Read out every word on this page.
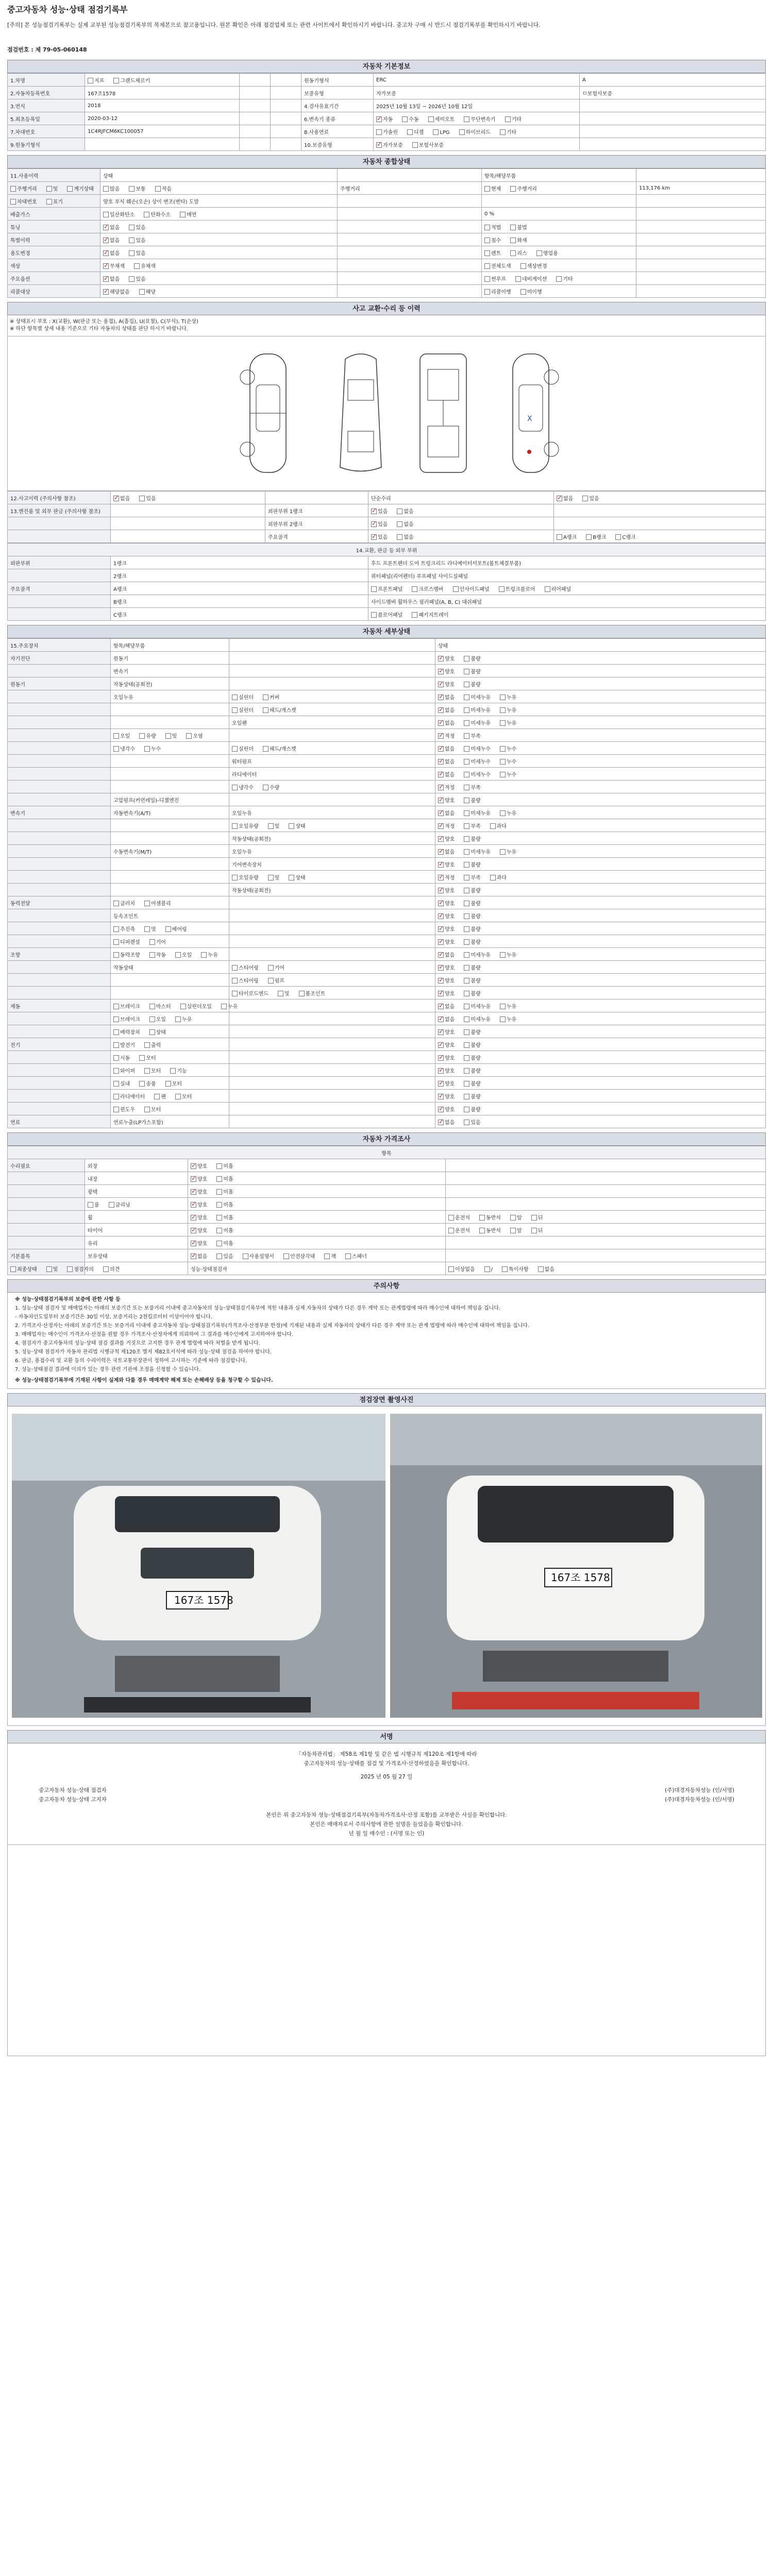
중고자동차 성능·상태 점검기록부
[주의] 본 성능점검기록부는 실제 교부된 성능점검기록부의 복제본으로 참고용입니다. 원본 확인은 아래 점검업체 또는 관련 사이트에서 확인하시기 바랍니다. 중고차 구매 시 반드시 점검기록부를 확인하시기 바랍니다.
점검번호 : 제 79-05-060148
자동차 기본정보
1.차명	지프 그랜드체로키			원동기형식	ERC	A
2.자동차등록번호	167조1578			보증유형	자가보증	ㅁ보험사보증
3.연식	2018			4.검사유효기간	2025년 10월 13일 ~ 2026년 10월 12일	
5.최초등록일	2020-03-12			6.변속기 종류	✓자동 수동 세미오토 무단변속기 기타	
7.차대번호	1C4RJFCM6KC100057			8.사용연료	가솔린 디젤 LPG 하이브리드 기타	
9.원동기형식				10.보증유형	✓자가보증 보험사보증	
자동차 종합상태
11.사용이력	상태		항목/해당부품	
주행거리 및 계기상태	많음 보통 적음	주행거리	현재 주행거리	113,176 km
차대번호 표기	양호 부식 훼손(오손) 상이 변조(변타) 도말			
배출가스	일산화탄소 탄화수소 매연		0 %	
튜닝	✓없음 있음		적법 불법	
특별이력	✓없음 있음		침수 화재	
용도변경	✓없음 있음		렌트 리스 영업용	
색상	✓무채색 유채색		전체도색 색상변경	
주요옵션	✓없음 있음		썬루프 네비게이션 기타	
리콜대상	✓해당없음 해당		리콜이행 미이행	
사고 교환·수리 등 이력
※ 상태표시 부호 : X(교환), W(판금 또는 용접), A(흠집), U(요철), C(부식), T(손상)
※ 하단 항목별 상세 내용 기준으로 기타 자동차의 상태를 판단 하시기 바랍니다.
X
12.사고이력 (주의사항 참조)	✓없음 있음		단순수리	✓없음 있음
13.엔진룸 및 외부 판금 (주의사항 참조)		외판부위 1랭크	✓있음 없음	
		외판부위 2랭크	✓있음 없음	
		주요골격	✓있음 없음	A랭크 B랭크 C랭크
14.교환, 판금 등 외부 부위		
외판부위	1랭크	후드 프론트펜더 도어 트렁크리드 라디에이터서포트(볼트체결부품)
	2랭크	쿼터패널(리어펜더) 루프패널 사이드실패널
주요골격	A랭크	프론트패널 크로스멤버 인사이드패널 트렁크플로어 리어패널
	B랭크	사이드멤버 휠하우스 필러패널(A, B, C) 대쉬패널
	C랭크	플로어패널 패키지트레이
자동차 세부상태
15.주요장치	항목/해당부품		상태
자기진단	원동기		✓양호 불량
	변속기		✓양호 불량
원동기	작동상태(공회전)		✓양호 불량
	오일누유	실린더 커버	✓없음 미세누유 누유
		실린더 헤드/개스켓	✓없음 미세누유 누유
		오일팬	✓없음 미세누유 누유
	오일 유량 및 오염		✓적정 부족
	냉각수 누수	실린더 헤드/개스켓	✓없음 미세누수 누수
		워터펌프	✓없음 미세누수 누수
		라디에이터	✓없음 미세누수 누수
		냉각수 수량	✓적정 부족
	고압펌프(커먼레일)-디젤엔진		✓양호 불량
변속기	자동변속기(A/T)	오일누유	✓없음 미세누유 누유
		오일유량 및 상태	✓적정 부족 과다
		작동상태(공회전)	✓양호 불량
	수동변속기(M/T)	오일누유	✓없음 미세누유 누유
		기어변속장치	✓양호 불량
		오일유량 및 상태	✓적정 부족 과다
		작동상태(공회전)	✓양호 불량
동력전달	클러치 어셈블리		✓양호 불량
	등속조인트		✓양호 불량
	추진축 및 베어링		✓양호 불량
	디퍼렌셜 기어		✓양호 불량
조향	동력조향 작동 오일 누유		✓없음 미세누유 누유
	작동상태	스티어링 기어	✓양호 불량
		스티어링 펌프	✓양호 불량
		타이로드엔드 및 볼조인트	✓양호 불량
제동	브레이크 마스터 실린더오일 누유		✓없음 미세누유 누유
	브레이크 오일 누유		✓없음 미세누유 누유
	배력장치 상태		✓양호 불량
전기	발전기 출력		✓양호 불량
	시동 모터		✓양호 불량
	와이퍼 모터 기능		✓양호 불량
	실내 송풍 모터		✓양호 불량
	라디에이터 팬 모터		✓양호 불량
	윈도우 모터		✓양호 불량
연료	연료누출(LP가스포함)		✓없음 있음
자동차 가격조사
항목			
수리필요	외장	✓양호 미흡	
	내장	✓양호 미흡	
	광택	✓양호 미흡	
	룸 클리닝	✓양호 미흡	
	휠	✓양호 미흡	운전석 동반석 앞 뒤
	타이어	✓양호 미흡	운전석 동반석 앞 뒤
	유리	✓양호 미흡	
기본품목	보유상태	✓없음 있음 사용설명서 안전삼각대 잭 스패너	
최종상태 및 점검자의 의견		성능·상태점검자	이상없음 / 특이사항 없음
주의사항

※ 성능·상태점검기록부의 보증에 관한 사항 등

1. 성능·상태 점검자 및 매매업자는 아래의 보증기간 또는 보증거리 이내에 중고자동차의 성능·상태점검기록부에 적힌 내용과 실제 자동차의 상태가 다른 경우 계약 또는 관계법령에 따라 매수인에 대하여 책임을 집니다.

- 자동차인도일부터 보증기간은 30일 이상, 보증거리는 2천킬로미터 이상이어야 합니다.

2. 가격조사·산정자는 아래의 보증기간 또는 보증거리 이내에 중고자동차 성능·상태점검기록부(가격조사·산정부분 한정)에 기재된 내용과 실제 자동차의 상태가 다른 경우 계약 또는 관계 법령에 따라 매수인에 대하여 책임을 집니다.

3. 매매업자는 매수인이 가격조사·산정을 원할 경우 가격조사·산정자에게 의뢰하여 그 결과를 매수인에게 고지하여야 합니다.

4. 점검자가 중고자동차의 성능·상태 점검 결과를 거짓으로 고지한 경우 관계 법령에 따라 처벌을 받게 됩니다.

5. 성능·상태 점검자가 자동차 관리법 시행규칙 제120조 별지 제82호서식에 따라 성능·상태 점검을 하여야 합니다.

6. 판금, 용접수리 및 교환 등의 수리이력은 국토교통부장관이 정하여 고시하는 기준에 따라 점검합니다.

7. 성능·상태점검 결과에 이의가 있는 경우 관련 기관에 조정을 신청할 수 있습니다.

※ 성능·상태점검기록부에 기재된 사항이 실제와 다를 경우 매매계약 해제 또는 손해배상 등을 청구할 수 있습니다.

점검장면 촬영사진
167조 1578
167조 1578
서명
「자동차관리법」 제58조 제1항 및 같은 법 시행규칙 제120조 제1항에 따라
중고자동차의 성능·상태를 점검 및 가격조사·산정하였음을 확인합니다.
2025 년 05 월 27 일
중고자동차 성능·상태 점검자	(주)대경자동차성능 (인/서명)
중고자동차 성능·상태 고지자	(주)대경자동차성능 (인/서명)
본인은 위 중고자동차 성능·상태점검기록부(자동차가격조사·산정 포함)를 교부받은 사실을 확인합니다.
본인은 매매자로서 주의사항에 관한 설명을 들었음을 확인합니다.
년 월 일 매수인 : (서명 또는 인)
